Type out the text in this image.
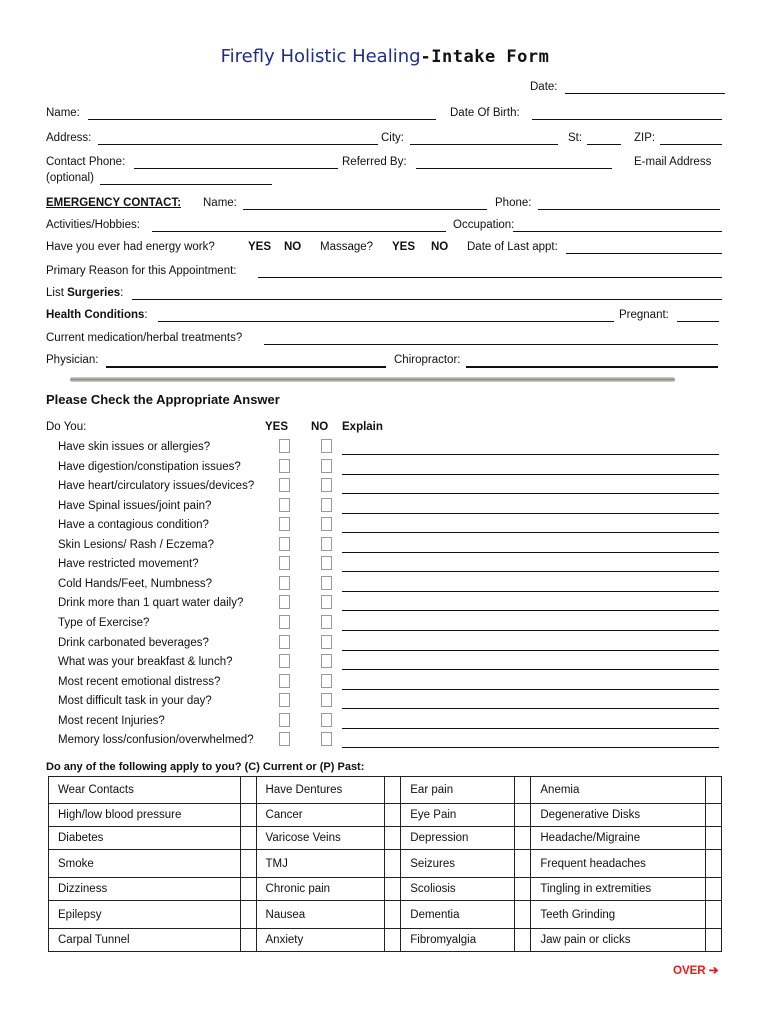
Firefly Holistic Healing-Intake Form
Date:
Name:	Date Of Birth:
Address:	City:	St:	ZIP:
Contact Phone:	Referred By:	E-mail Address
(optional)
EMERGENCY CONTACT: Name:	Phone:
Activities/Hobbies:	Occupation:
Have you ever had energy work?	YES NO Massage? YES NO Date of Last appt:
Primary Reason for this Appointment:
List Surgeries:
Health Conditions:	Pregnant:
Current medication/herbal treatments?
Physician:	Chiropractor:
Please Check the Appropriate Answer
Do You:	YES NO Explain
Have skin issues or allergies?
Have digestion/constipation issues?
Have heart/circulatory issues/devices?
Have Spinal issues/joint pain?
Have a contagious condition?
Skin Lesions/ Rash / Eczema?
Have restricted movement?
Cold Hands/Feet, Numbness?
Drink more than 1 quart water daily?
Type of Exercise?
Drink carbonated beverages?
What was your breakfast & lunch?
Most recent emotional distress?
Most difficult task in your day?
Most recent Injuries?
Memory loss/confusion/overwhelmed?
Do any of the following apply to you? (C) Current or (P) Past:
Wear Contacts		Have Dentures		Ear pain		Anemia	
High/low blood pressure		Cancer		Eye Pain		Degenerative Disks	
Diabetes		Varicose Veins		Depression		Headache/Migraine	
Smoke		TMJ		Seizures		Frequent headaches	
Dizziness		Chronic pain		Scoliosis		Tingling in extremities	
Epilepsy		Nausea		Dementia		Teeth Grinding	
Carpal Tunnel		Anxiety		Fibromyalgia		Jaw pain or clicks	
OVER ➔
